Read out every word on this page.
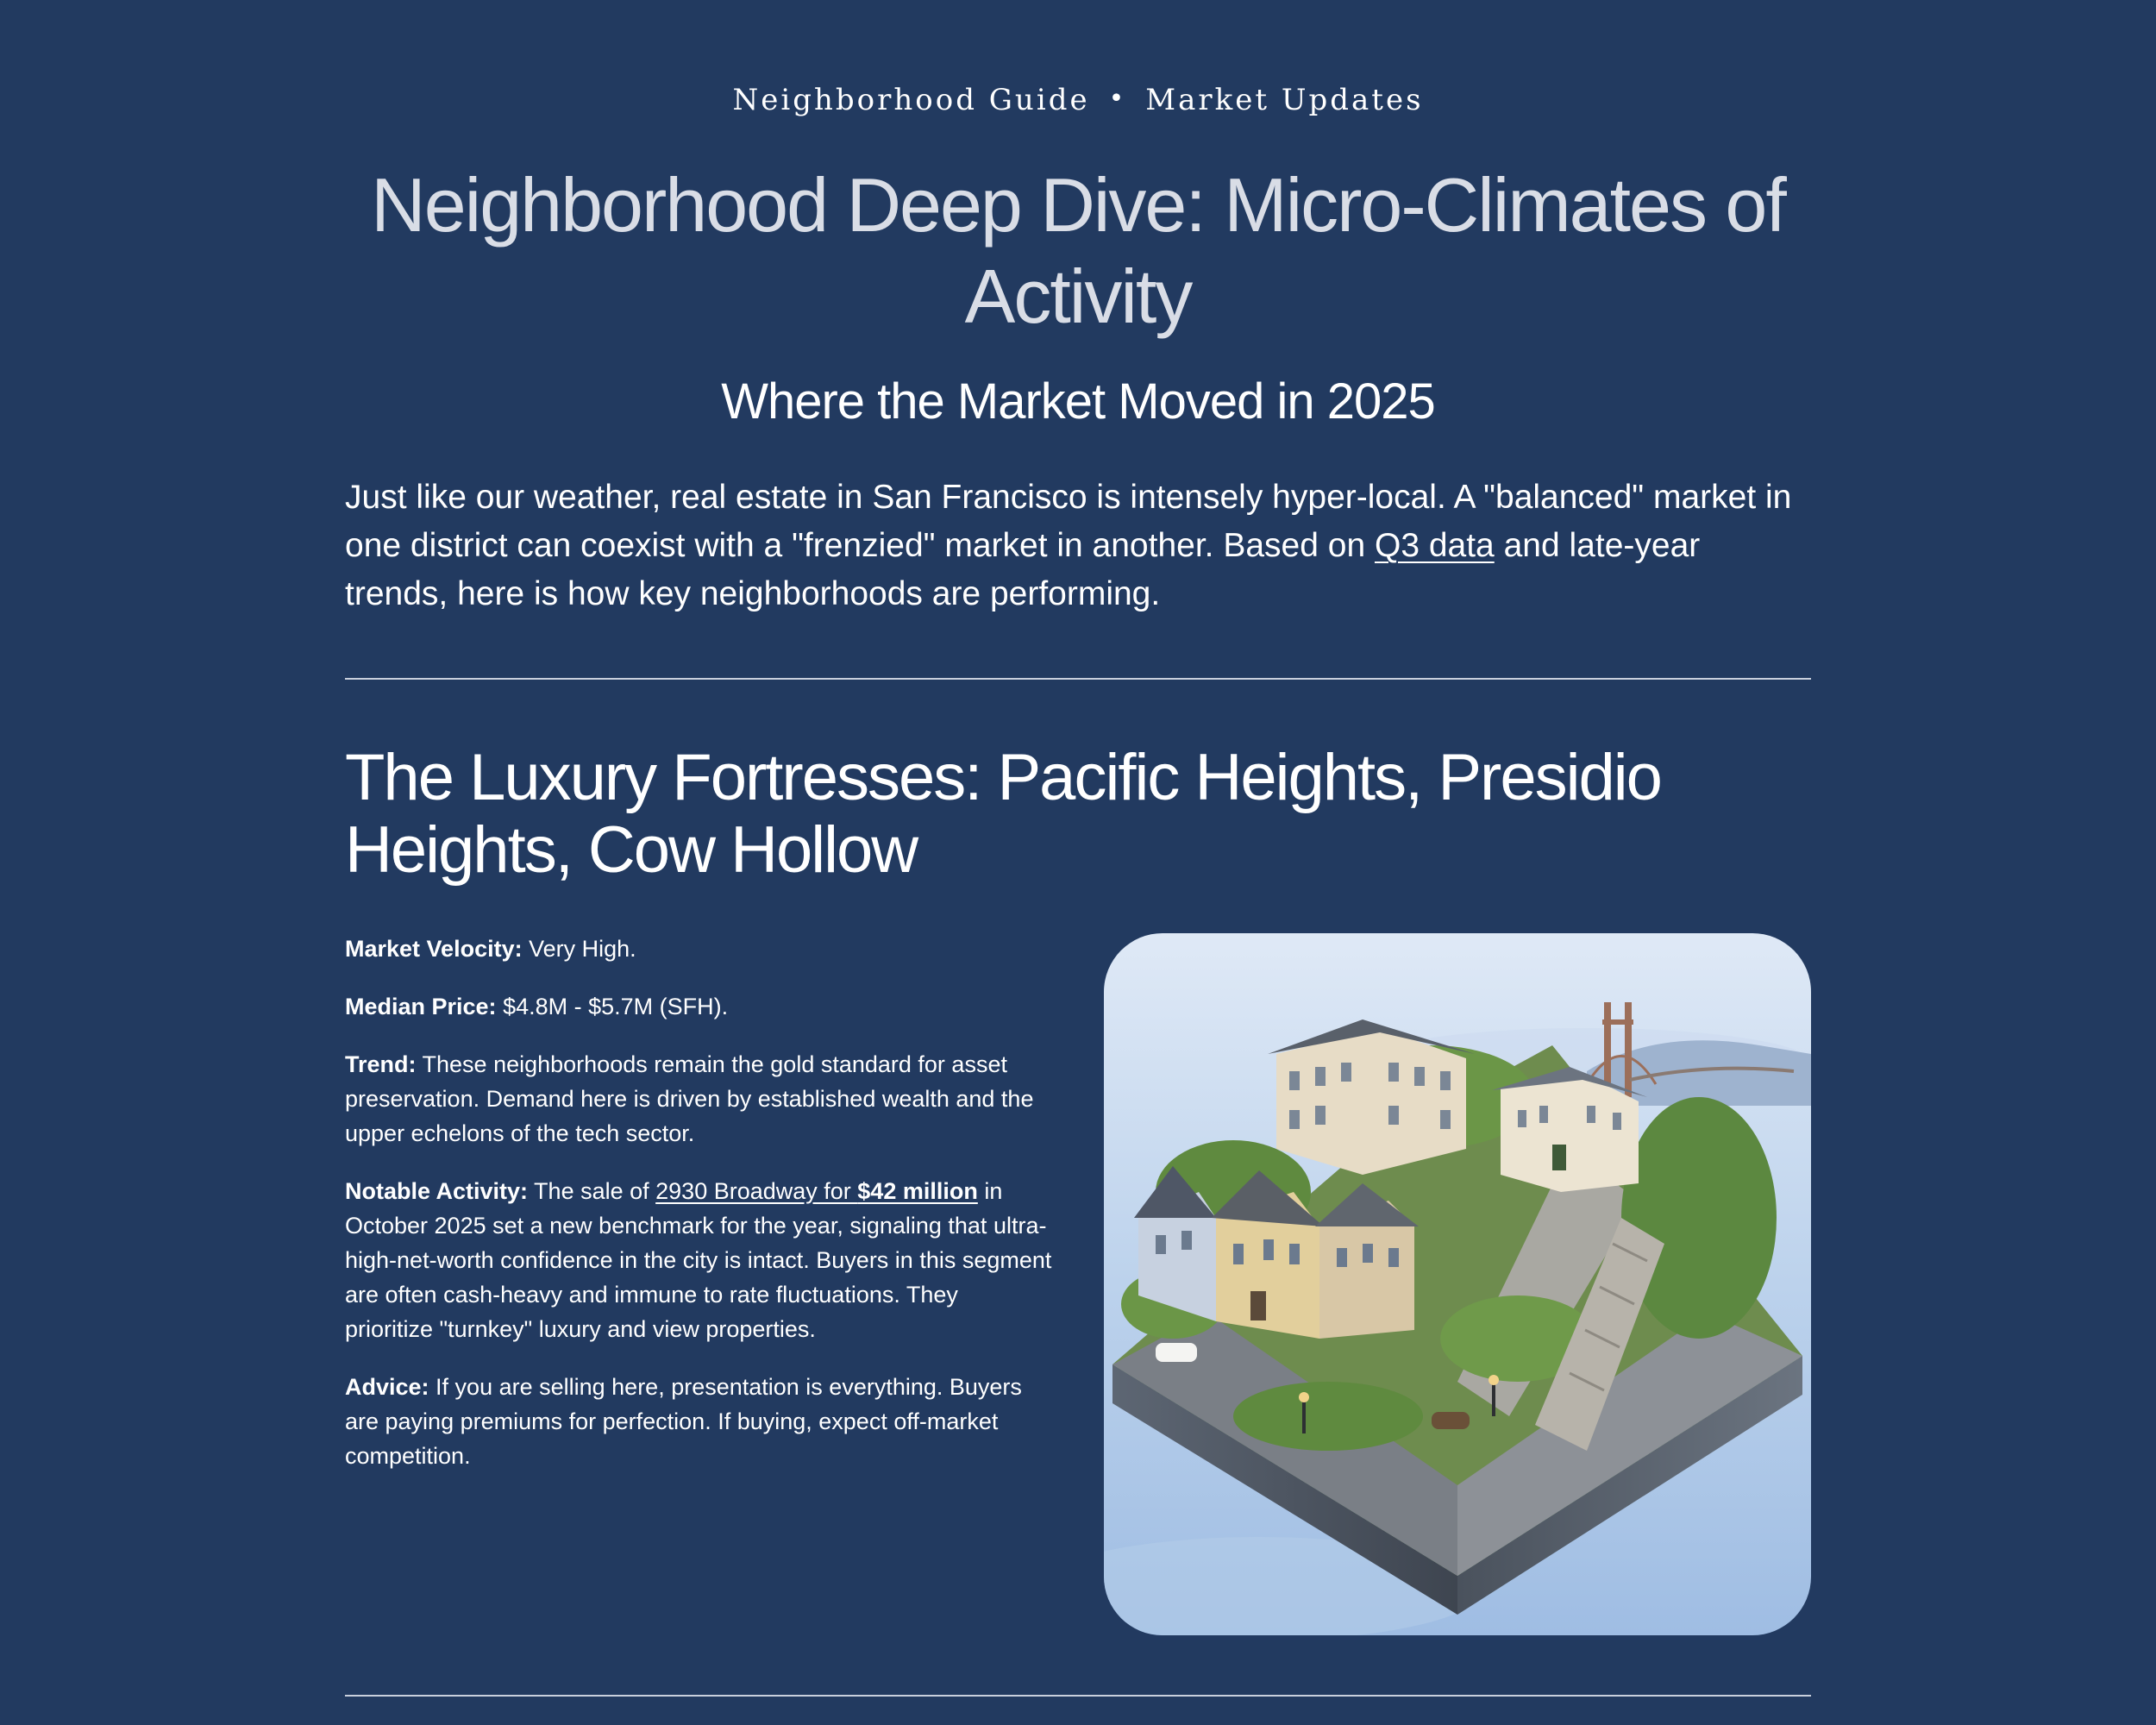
Neighborhood Guide • Market Updates
Neighborhood Deep Dive: Micro-Climates of Activity
Where the Market Moved in 2025

Just like our weather, real estate in San Francisco is intensely hyper-local. A "balanced" market in one district can coexist with a "frenzied" market in another. Based on Q3 data and late-year trends, here is how key neighborhoods are performing.

The Luxury Fortresses: Pacific Heights, Presidio Heights, Cow Hollow

Market Velocity: Very High.

Median Price: $4.8M - $5.7M (SFH).

Trend: These neighborhoods remain the gold standard for asset preservation. Demand here is driven by established wealth and the upper echelons of the tech sector.

Notable Activity: The sale of 2930 Broadway for $42 million in October 2025 set a new benchmark for the year, signaling that ultra-high-net-worth confidence in the city is intact. Buyers in this segment are often cash-heavy and immune to rate fluctuations. They prioritize "turnkey" luxury and view properties.

Advice: If you are selling here, presentation is everything. Buyers are paying premiums for perfection. If buying, expect off-market competition.
